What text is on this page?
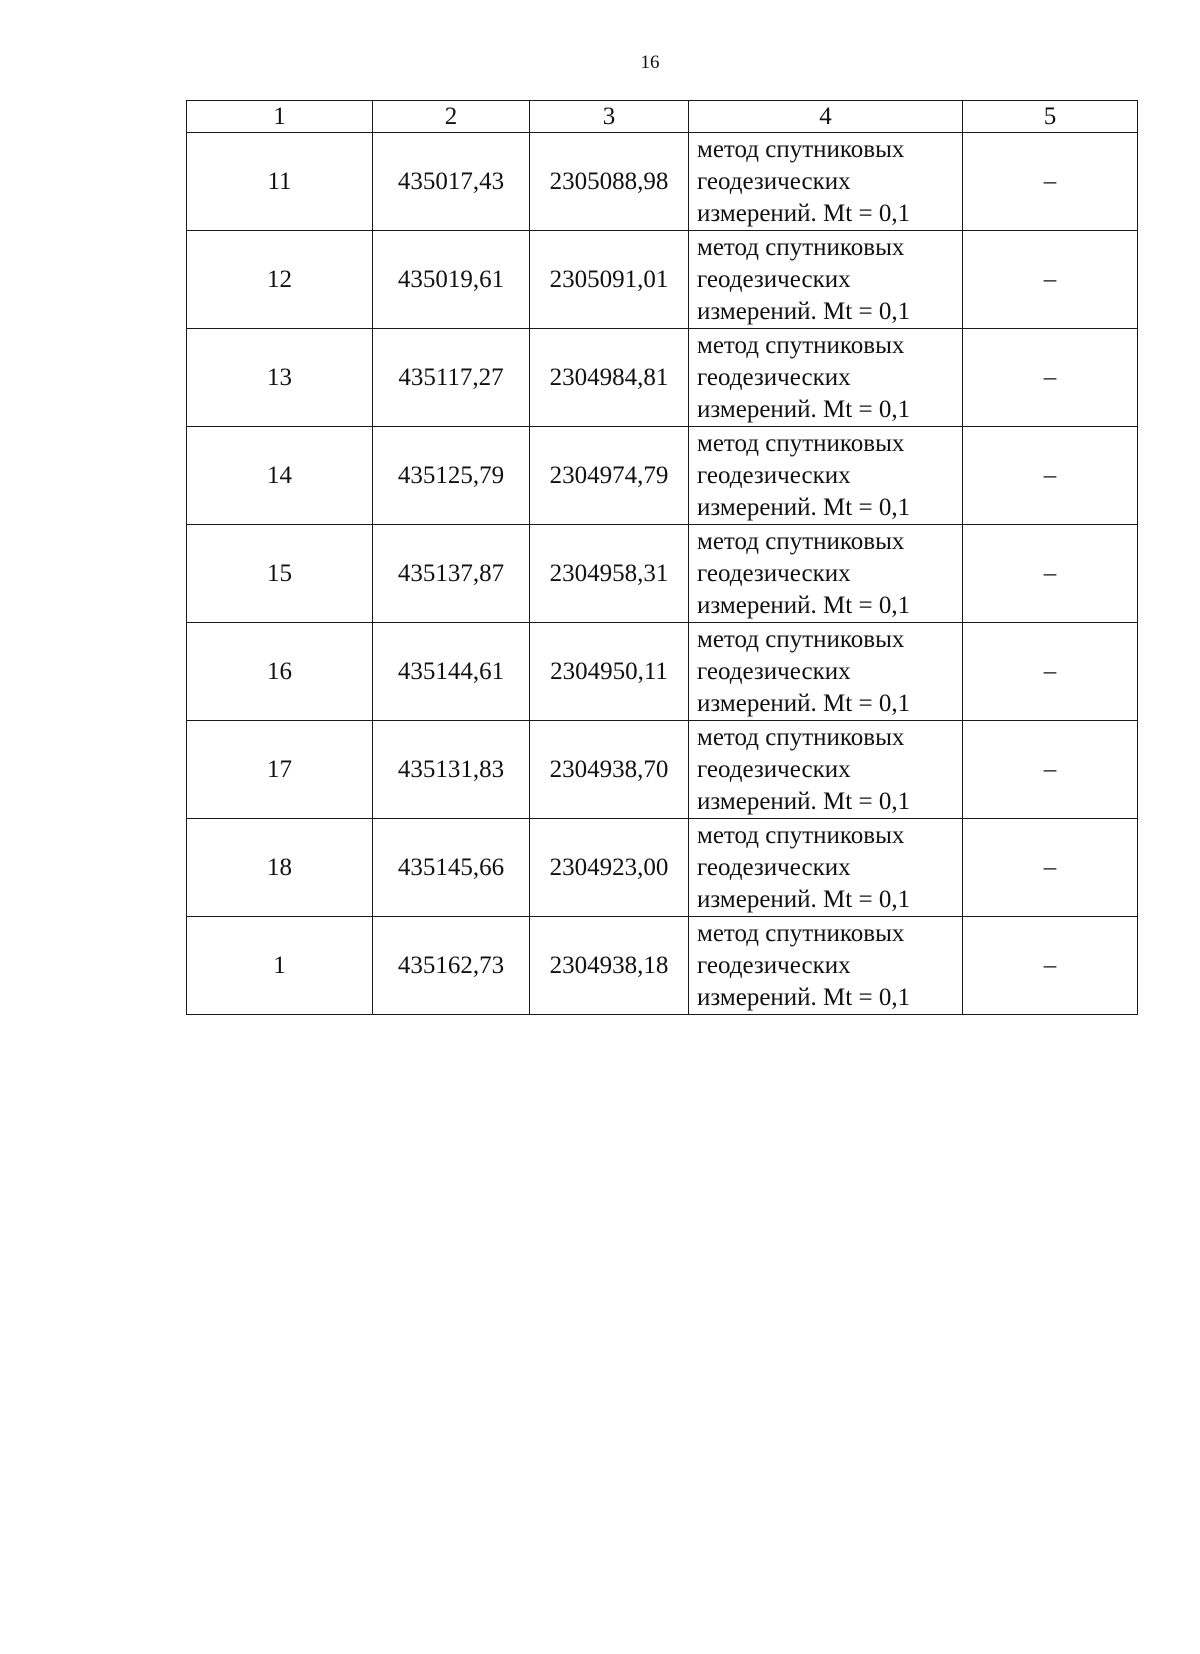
16
1	2	3	4	5
11	435017,43	2305088,98	метод спутниковых
геодезических
измерений. Mt = 0,1	–
12	435019,61	2305091,01	метод спутниковых
геодезических
измерений. Mt = 0,1	–
13	435117,27	2304984,81	метод спутниковых
геодезических
измерений. Mt = 0,1	–
14	435125,79	2304974,79	метод спутниковых
геодезических
измерений. Mt = 0,1	–
15	435137,87	2304958,31	метод спутниковых
геодезических
измерений. Mt = 0,1	–
16	435144,61	2304950,11	метод спутниковых
геодезических
измерений. Mt = 0,1	–
17	435131,83	2304938,70	метод спутниковых
геодезических
измерений. Mt = 0,1	–
18	435145,66	2304923,00	метод спутниковых
геодезических
измерений. Mt = 0,1	–
1	435162,73	2304938,18	метод спутниковых
геодезических
измерений. Mt = 0,1	–
